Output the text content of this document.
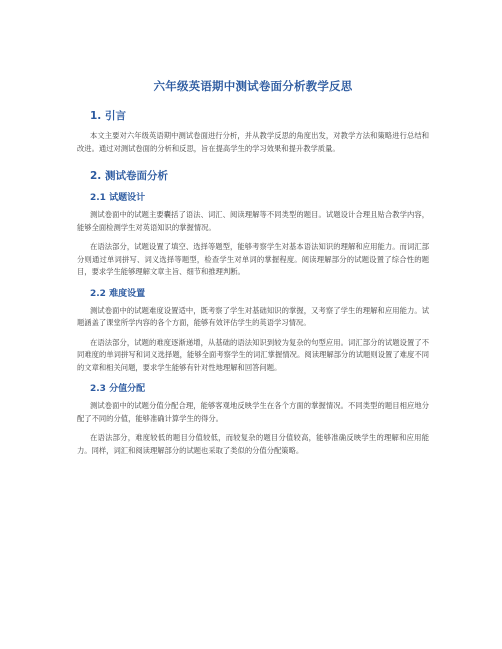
六年级英语期中测试卷面分析教学反思
1. 引言

本文主要对六年级英语期中测试卷面进行分析，并从教学反思的角度出发，对教学方法和策略进行总结和改进。通过对测试卷面的分析和反思，旨在提高学生的学习效果和提升教学质量。

2. 测试卷面分析
2.1 试题设计

测试卷面中的试题主要囊括了语法、词汇、阅读理解等不同类型的题目。试题设计合理且贴合教学内容，能够全面检测学生对英语知识的掌握情况。

在语法部分，试题设置了填空、选择等题型，能够考察学生对基本语法知识的理解和应用能力。而词汇部分则通过单词拼写、词义选择等题型，检查学生对单词的掌握程度。阅读理解部分的试题设置了综合性的题目，要求学生能够理解文章主旨、细节和推理判断。

2.2 难度设置

测试卷面中的试题难度设置适中，既考察了学生对基础知识的掌握，又考察了学生的理解和应用能力。试题涵盖了课堂所学内容的各个方面，能够有效评估学生的英语学习情况。

在语法部分，试题的难度逐渐递增，从基础的语法知识到较为复杂的句型应用。词汇部分的试题设置了不同难度的单词拼写和词义选择题，能够全面考察学生的词汇掌握情况。阅读理解部分的试题则设置了难度不同的文章和相关问题，要求学生能够有针对性地理解和回答问题。

2.3 分值分配

测试卷面中的试题分值分配合理，能够客观地反映学生在各个方面的掌握情况。不同类型的题目相应地分配了不同的分值，能够准确计算学生的得分。

在语法部分，难度较低的题目分值较低，而较复杂的题目分值较高，能够准确反映学生的理解和应用能力。同样，词汇和阅读理解部分的试题也采取了类似的分值分配策略。
